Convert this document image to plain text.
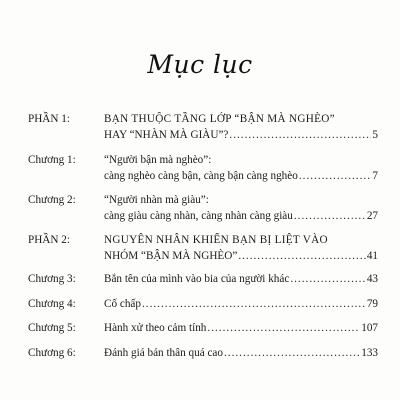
Mục lục
PHẦN 1:	BẠN THUỘC TẦNG LỚP “BẬN MÀ NGHÈO”
HAY “NHÀN MÀ GIÀU”? .....	5
Chương 1:	“Người bận mà nghèo”:
càng nghèo càng bận, càng bận càng nghèo .....	7
Chương 2:	“Người nhàn mà giàu”:
càng giàu càng nhàn, càng nhàn càng giàu .....	27
PHẦN 2:	NGUYÊN NHÂN KHIẾN BẠN BỊ LIỆT VÀO
NHÓM “BẬN MÀ NGHÈO” .....	41
Chương 3:	Bắn tên của mình vào bia của người khác .....	43
Chương 4:	Cố chấp .....	79
Chương 5:	Hành xử theo cảm tính .....	107
Chương 6:	Đánh giá bản thân quá cao .....	133
